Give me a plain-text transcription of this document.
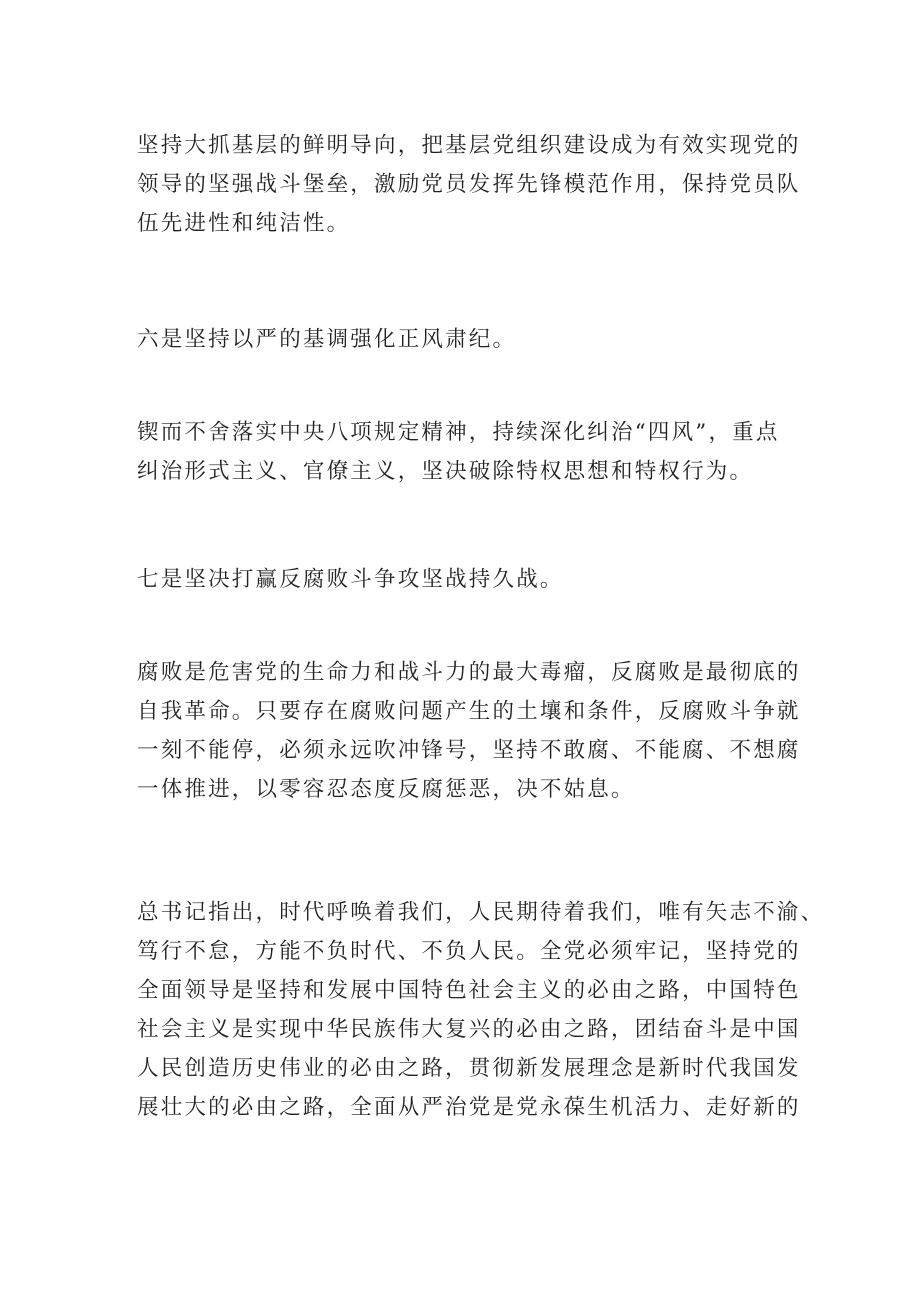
坚持大抓基层的鲜明导向，把基层党组织建设成为有效实现党的
领导的坚强战斗堡垒，激励党员发挥先锋模范作用，保持党员队
伍先进性和纯洁性。

六是坚持以严的基调强化正风肃纪。

锲而不舍落实中央八项规定精神，持续深化纠治“四风”，重点
纠治形式主义、官僚主义，坚决破除特权思想和特权行为。

七是坚决打赢反腐败斗争攻坚战持久战。

腐败是危害党的生命力和战斗力的最大毒瘤，反腐败是最彻底的
自我革命。只要存在腐败问题产生的土壤和条件，反腐败斗争就
一刻不能停，必须永远吹冲锋号，坚持不敢腐、不能腐、不想腐
一体推进，以零容忍态度反腐惩恶，决不姑息。

总书记指出，时代呼唤着我们，人民期待着我们，唯有矢志不渝、
笃行不怠，方能不负时代、不负人民。全党必须牢记，坚持党的
全面领导是坚持和发展中国特色社会主义的必由之路，中国特色
社会主义是实现中华民族伟大复兴的必由之路，团结奋斗是中国
人民创造历史伟业的必由之路，贯彻新发展理念是新时代我国发
展壮大的必由之路，全面从严治党是党永葆生机活力、走好新的
